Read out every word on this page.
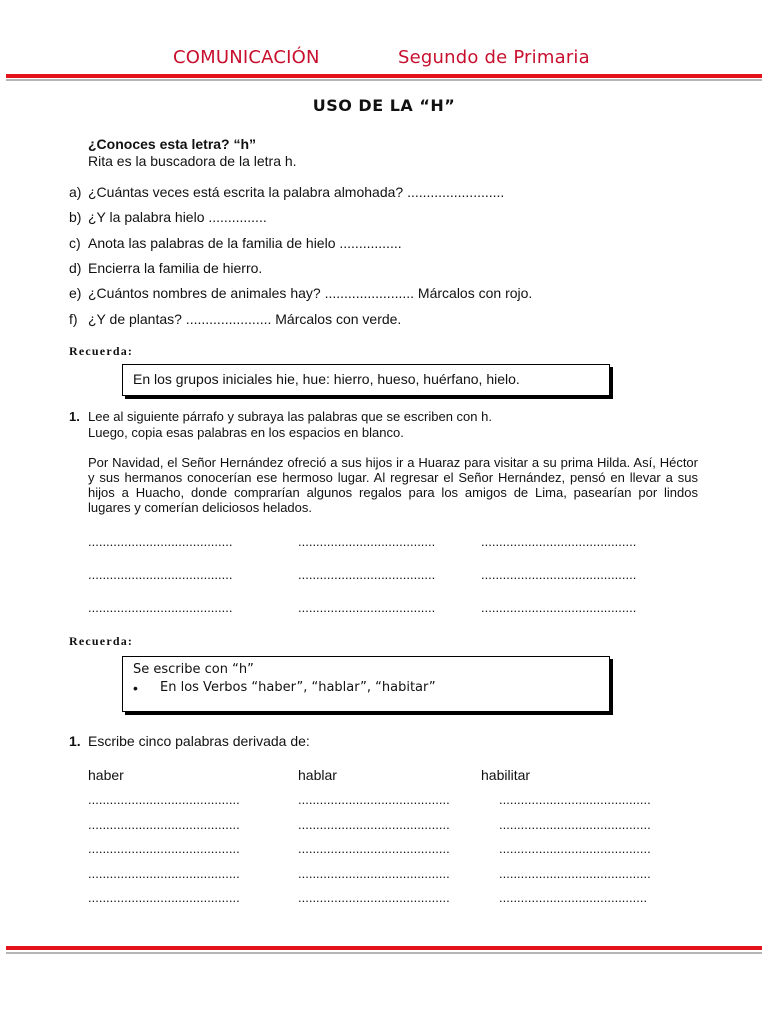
COMUNICACIÓN	Segundo de Primaria
USO DE LA “H”
¿Conoces esta letra? “h”
Rita es la buscadora de la letra h.
a) ¿Cuántas veces está escrita la palabra almohada? .........................
b) ¿Y la palabra hielo ...............
c) Anota las palabras de la familia de hielo ................
d) Encierra la familia de hierro.
e) ¿Cuántos nombres de animales hay? ....................... Márcalos con rojo.
f) ¿Y de plantas? ...................... Márcalos con verde.
Recuerda:
En los grupos iniciales hie, hue: hierro, hueso, huérfano, hielo.
1. Lee al siguiente párrafo y subraya las palabras que se escriben con h.
Luego, copia esas palabras en los espacios en blanco.
Por Navidad, el Señor Hernández ofreció a sus hijos ir a Huaraz para visitar a su prima Hilda. Así, Héctor y sus hermanos conocerían ese hermoso lugar. Al regresar el Señor Hernández, pensó en llevar a sus hijos a Huacho, donde comprarían algunos regalos para los amigos de Lima, pasearían por lindos lugares y comerían deliciosos helados.
........................................	......................................	...........................................
........................................	......................................	...........................................
........................................	......................................	...........................................
Recuerda:
Se escribe con “h”
• En los Verbos “haber”, “hablar”, “habitar”
1. Escribe cinco palabras derivada de:
haber	hablar	habilitar
..........................................	..........................................	..........................................
..........................................	..........................................	..........................................
..........................................	..........................................	..........................................
..........................................	..........................................	..........................................
..........................................	..........................................	.........................................
